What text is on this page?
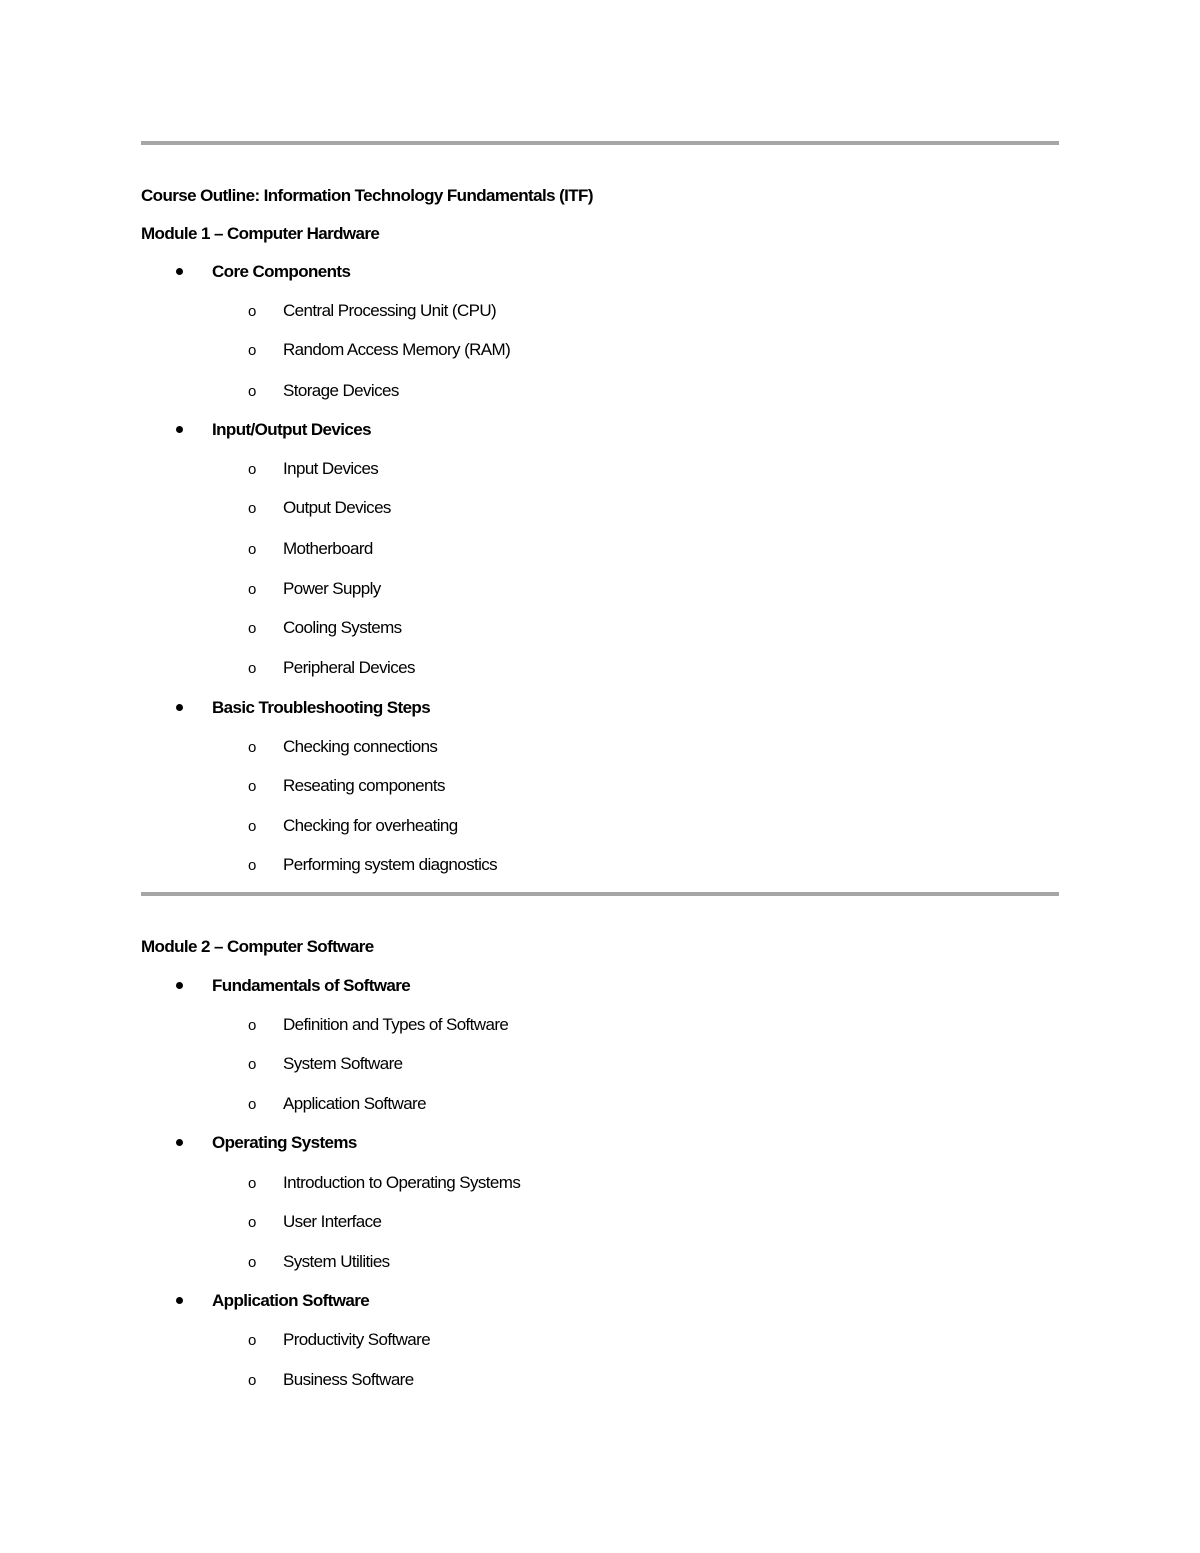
Course Outline: Information Technology Fundamentals (ITF)
Module 1 – Computer Hardware
Core Components
o Central Processing Unit (CPU)
o Random Access Memory (RAM)
o Storage Devices
Input/Output Devices
o Input Devices
o Output Devices
o Motherboard
o Power Supply
o Cooling Systems
o Peripheral Devices
Basic Troubleshooting Steps
o Checking connections
o Reseating components
o Checking for overheating
o Performing system diagnostics
Module 2 – Computer Software
Fundamentals of Software
o Definition and Types of Software
o System Software
o Application Software
Operating Systems
o Introduction to Operating Systems
o User Interface
o System Utilities
Application Software
o Productivity Software
o Business Software
